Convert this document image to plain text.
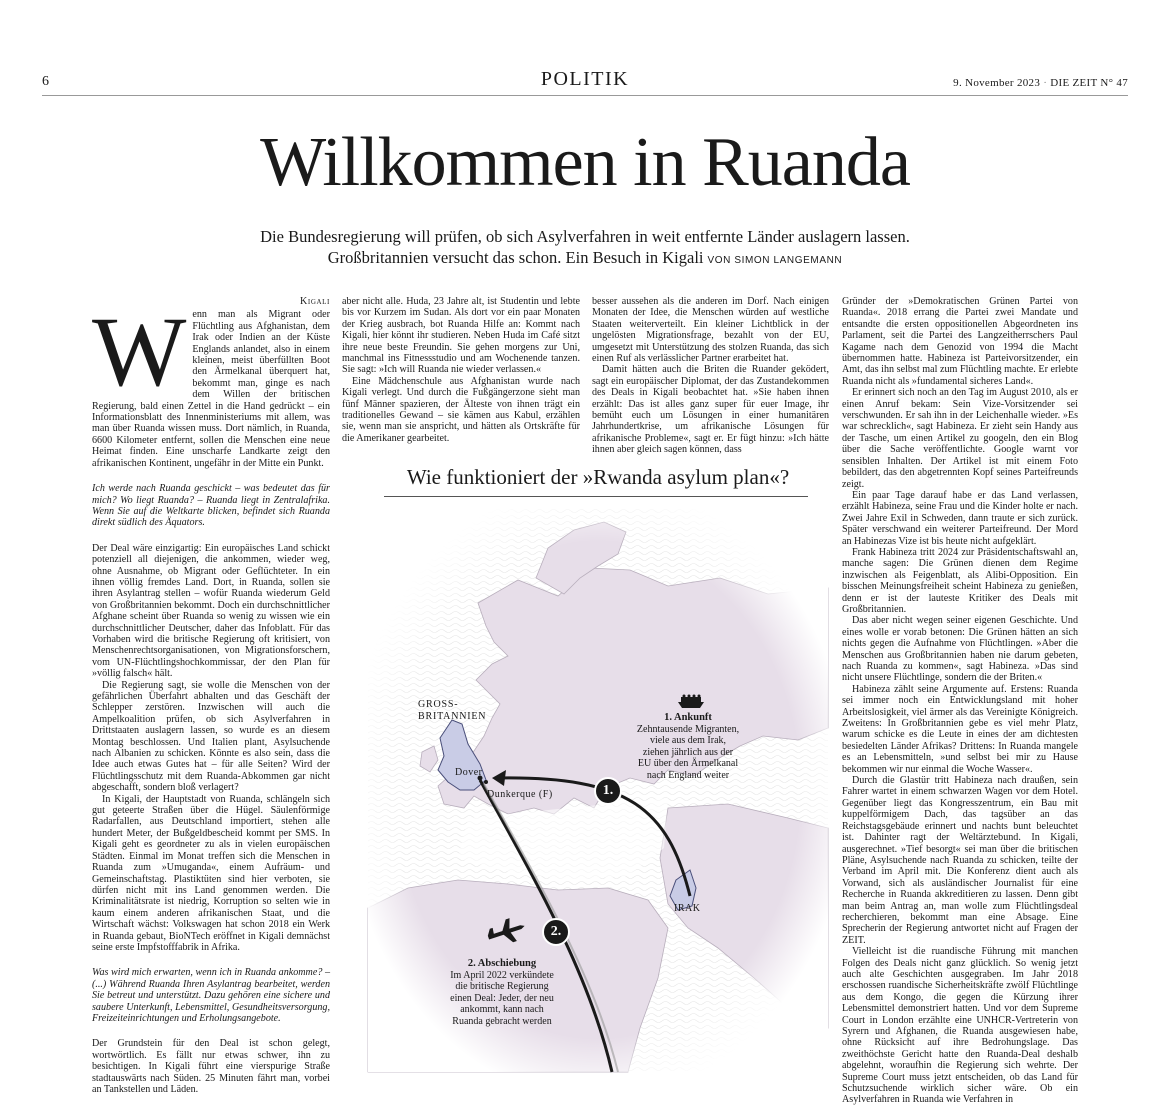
6	POLITIK	9. November 2023 · DIE ZEIT N° 47
Willkommen in Ruanda
Die Bundesregierung will prüfen, ob sich Asylverfahren in weit entfernte Länder auslagern lassen.
Großbritannien versucht das schon. Ein Besuch in Kigali VON SIMON LANGEMANN
Kigali
W enn man als Migrant oder Flüchtling aus Afghanistan, dem Irak oder Indien an der Küste Englands anlandet, also in einem kleinen, meist überfüllten Boot den Ärmelkanal überquert hat, bekommt man, ginge es nach dem Willen der britischen Regierung, bald einen Zettel in die Hand gedrückt – ein Informationsblatt des Innenministeriums mit allem, was man über Ruanda wissen muss. Dort nämlich, in Ruanda, 6600 Kilometer entfernt, sollen die Menschen eine neue Heimat finden. Eine unscharfe Landkarte zeigt den afrikanischen Kontinent, ungefähr in der Mitte ein Punkt.

Ich werde nach Ruanda geschickt – was bedeutet das für mich? Wo liegt Ruanda? – Ruanda liegt in Zentralafrika. Wenn Sie auf die Weltkarte blicken, befindet sich Ruanda direkt südlich des Äquators.

Der Deal wäre einzigartig: Ein europäisches Land schickt potenziell all diejenigen, die ankommen, wieder weg, ohne Ausnahme, ob Migrant oder Geflüchteter. In ein ihnen völlig fremdes Land. Dort, in Ruanda, sollen sie ihren Asylantrag stellen – wofür Ruanda wiederum Geld von Großbritannien bekommt. Doch ein durchschnittlicher Afghane scheint über Ruanda so wenig zu wissen wie ein durchschnittlicher Deutscher, daher das Infoblatt. Für das Vorhaben wird die britische Regierung oft kritisiert, von Menschenrechtsorganisationen, von Migrationsforschern, vom UN-Flüchtlingshochkommissar, der den Plan für »völlig falsch« hält.

Die Regierung sagt, sie wolle die Menschen von der gefährlichen Überfahrt abhalten und das Geschäft der Schlepper zerstören. Inzwischen will auch die Ampelkoalition prüfen, ob sich Asylverfahren in Drittstaaten auslagern lassen, so wurde es an diesem Montag beschlossen. Und Italien plant, Asylsuchende nach Albanien zu schicken. Könnte es also sein, dass die Idee auch etwas Gutes hat – für alle Seiten? Wird der Flüchtlingsschutz mit dem Ruanda-Abkommen gar nicht abgeschafft, sondern bloß verlagert?

In Kigali, der Hauptstadt von Ruanda, schlängeln sich gut geteerte Straßen über die Hügel. Säulenförmige Radarfallen, aus Deutschland importiert, stehen alle hundert Meter, der Bußgeldbescheid kommt per SMS. In Kigali geht es geordneter zu als in vielen europäischen Städten. Einmal im Monat treffen sich die Menschen in Ruanda zum »Umuganda«, einem Aufräum- und Gemeinschaftstag. Plastiktüten sind hier verboten, sie dürfen nicht mit ins Land genommen werden. Die Kriminalitätsrate ist niedrig, Korruption so selten wie in kaum einem anderen afrikanischen Staat, und die Wirtschaft wächst: Volkswagen hat schon 2018 ein Werk in Ruanda gebaut, BioNTech eröffnet in Kigali demnächst seine erste Impfstofffabrik in Afrika.

Was wird mich erwarten, wenn ich in Ruanda ankomme? – (...) Während Ruanda Ihren Asylantrag bearbeitet, werden Sie betreut und unterstützt. Dazu gehören eine sichere und saubere Unterkunft, Lebensmittel, Gesundheitsversorgung, Freizeiteinrichtungen und Erholungsangebote.

Der Grundstein für den Deal ist schon gelegt, wortwörtlich. Es fällt nur etwas schwer, ihn zu besichtigen. In Kigali führt eine vierspurige Straße stadtauswärts nach Süden. 25 Minuten fährt man, vorbei an Tankstellen und Läden.

aber nicht alle. Huda, 23 Jahre alt, ist Studentin und lebte bis vor Kurzem im Sudan. Als dort vor ein paar Monaten der Krieg ausbrach, bot Ruanda Hilfe an: Kommt nach Kigali, hier könnt ihr studieren. Neben Huda im Café sitzt ihre neue beste Freundin. Sie gehen morgens zur Uni, manchmal ins Fitnessstudio und am Wochenende tanzen. Sie sagt: »Ich will Ruanda nie wieder verlassen.«

Eine Mädchenschule aus Afghanistan wurde nach Kigali verlegt. Und durch die Fußgängerzone sieht man fünf Männer spazieren, der Älteste von ihnen trägt ein traditionelles Gewand – sie kämen aus Kabul, erzählen sie, wenn man sie anspricht, und hätten als Ortskräfte für die Amerikaner gearbeitet.

besser aussehen als die anderen im Dorf. Nach einigen Monaten der Idee, die Menschen würden auf westliche Staaten weiterverteilt. Ein kleiner Lichtblick in der ungelösten Migrationsfrage, bezahlt von der EU, umgesetzt mit Unterstützung des stolzen Ruanda, das sich einen Ruf als verlässlicher Partner erarbeitet hat.

Damit hätten auch die Briten die Ruander geködert, sagt ein europäischer Diplomat, der das Zustandekommen des Deals in Kigali beobachtet hat. »Sie haben ihnen erzählt: Das ist alles ganz super für euer Image, ihr bemüht euch um Lösungen in einer humanitären Jahrhundertkrise, um afrikanische Lösungen für afrikanische Probleme«, sagt er. Er fügt hinzu: »Ich hätte ihnen aber gleich sagen können, dass

Gründer der »Demokratischen Grünen Partei von Ruanda«. 2018 errang die Partei zwei Mandate und entsandte die ersten oppositionellen Abgeordneten ins Parlament, seit die Partei des Langzeitherrschers Paul Kagame nach dem Genozid von 1994 die Macht übernommen hatte. Habineza ist Parteivorsitzender, ein Amt, das ihn selbst mal zum Flüchtling machte. Er erlebte Ruanda nicht als »fundamental sicheres Land«.

Er erinnert sich noch an den Tag im August 2010, als er einen Anruf bekam: Sein Vize-Vorsitzender sei verschwunden. Er sah ihn in der Leichenhalle wieder. »Es war schrecklich«, sagt Habineza. Er zieht sein Handy aus der Tasche, um einen Artikel zu googeln, den ein Blog über die Sache veröffentlichte. Google warnt vor sensiblen Inhalten. Der Artikel ist mit einem Foto bebildert, das den abgetrennten Kopf seines Parteifreunds zeigt.

Ein paar Tage darauf habe er das Land verlassen, erzählt Habineza, seine Frau und die Kinder holte er nach. Zwei Jahre Exil in Schweden, dann traute er sich zurück. Später verschwand ein weiterer Parteifreund. Der Mord an Habinezas Vize ist bis heute nicht aufgeklärt.

Frank Habineza tritt 2024 zur Präsidentschaftswahl an, manche sagen: Die Grünen dienen dem Regime inzwischen als Feigenblatt, als Alibi-Opposition. Ein bisschen Meinungsfreiheit scheint Habineza zu genießen, denn er ist der lauteste Kritiker des Deals mit Großbritannien.

Das aber nicht wegen seiner eigenen Geschichte. Und eines wolle er vorab betonen: Die Grünen hätten an sich nichts gegen die Aufnahme von Flüchtlingen. »Aber die Menschen aus Großbritannien haben nie darum gebeten, nach Ruanda zu kommen«, sagt Habineza. »Das sind nicht unsere Flüchtlinge, sondern die der Briten.«

Habineza zählt seine Argumente auf. Erstens: Ruanda sei immer noch ein Entwicklungsland mit hoher Arbeitslosigkeit, viel ärmer als das Vereinigte Königreich. Zweitens: In Großbritannien gebe es viel mehr Platz, warum schicke es die Leute in eines der am dichtesten besiedelten Länder Afrikas? Drittens: In Ruanda mangele es an Lebensmitteln, »und selbst bei mir zu Hause bekommen wir nur einmal die Woche Wasser«.

Durch die Glastür tritt Habineza nach draußen, sein Fahrer wartet in einem schwarzen Wagen vor dem Hotel. Gegenüber liegt das Kongresszentrum, ein Bau mit kuppelförmigem Dach, das tagsüber an das Reichstagsgebäude erinnert und nachts bunt beleuchtet ist. Dahinter ragt der Weltärztebund. In Kigali, ausgerechnet. »Tief besorgt« sei man über die britischen Pläne, Asylsuchende nach Ruanda zu schicken, teilte der Verband im April mit. Die Konferenz dient auch als Vorwand, sich als ausländischer Journalist für eine Recherche in Ruanda akkreditieren zu lassen. Denn gibt man beim Antrag an, man wolle zum Flüchtlingsdeal recherchieren, bekommt man eine Absage. Eine Sprecherin der Regierung antwortet nicht auf Fragen der ZEIT.

Vielleicht ist die ruandische Führung mit manchen Folgen des Deals nicht ganz glücklich. So wenig jetzt auch alte Geschichten ausgegraben. Im Jahr 2018 erschossen ruandische Sicherheitskräfte zwölf Flüchtlinge aus dem Kongo, die gegen die Kürzung ihrer Lebensmittel demonstriert hatten. Und vor dem Supreme Court in London erzählte eine UNHCR-Vertreterin von Syrern und Afghanen, die Ruanda ausgewiesen habe, ohne Rücksicht auf ihre Bedrohungslage. Das zweithöchste Gericht hatte den Ruanda-Deal deshalb abgelehnt, woraufhin die Regierung sich wehrte. Der Supreme Court muss jetzt entscheiden, ob das Land für Schutzsuchende wirklich sicher wäre. Ob ein Asylverfahren in Ruanda wie Verfahren in

Wie funktioniert der »Rwanda asylum plan«?
GROSS-
BRITANNIEN
Dover
Dunkerque (F)
IRAK
1. Ankunft
Zehntausende Migranten, viele aus dem Irak, ziehen jährlich aus der EU über den Ärmelkanal nach England weiter
2. Abschiebung
Im April 2022 verkündete die britische Regierung einen Deal: Jeder, der neu ankommt, kann nach Ruanda gebracht werden
1.
2.
